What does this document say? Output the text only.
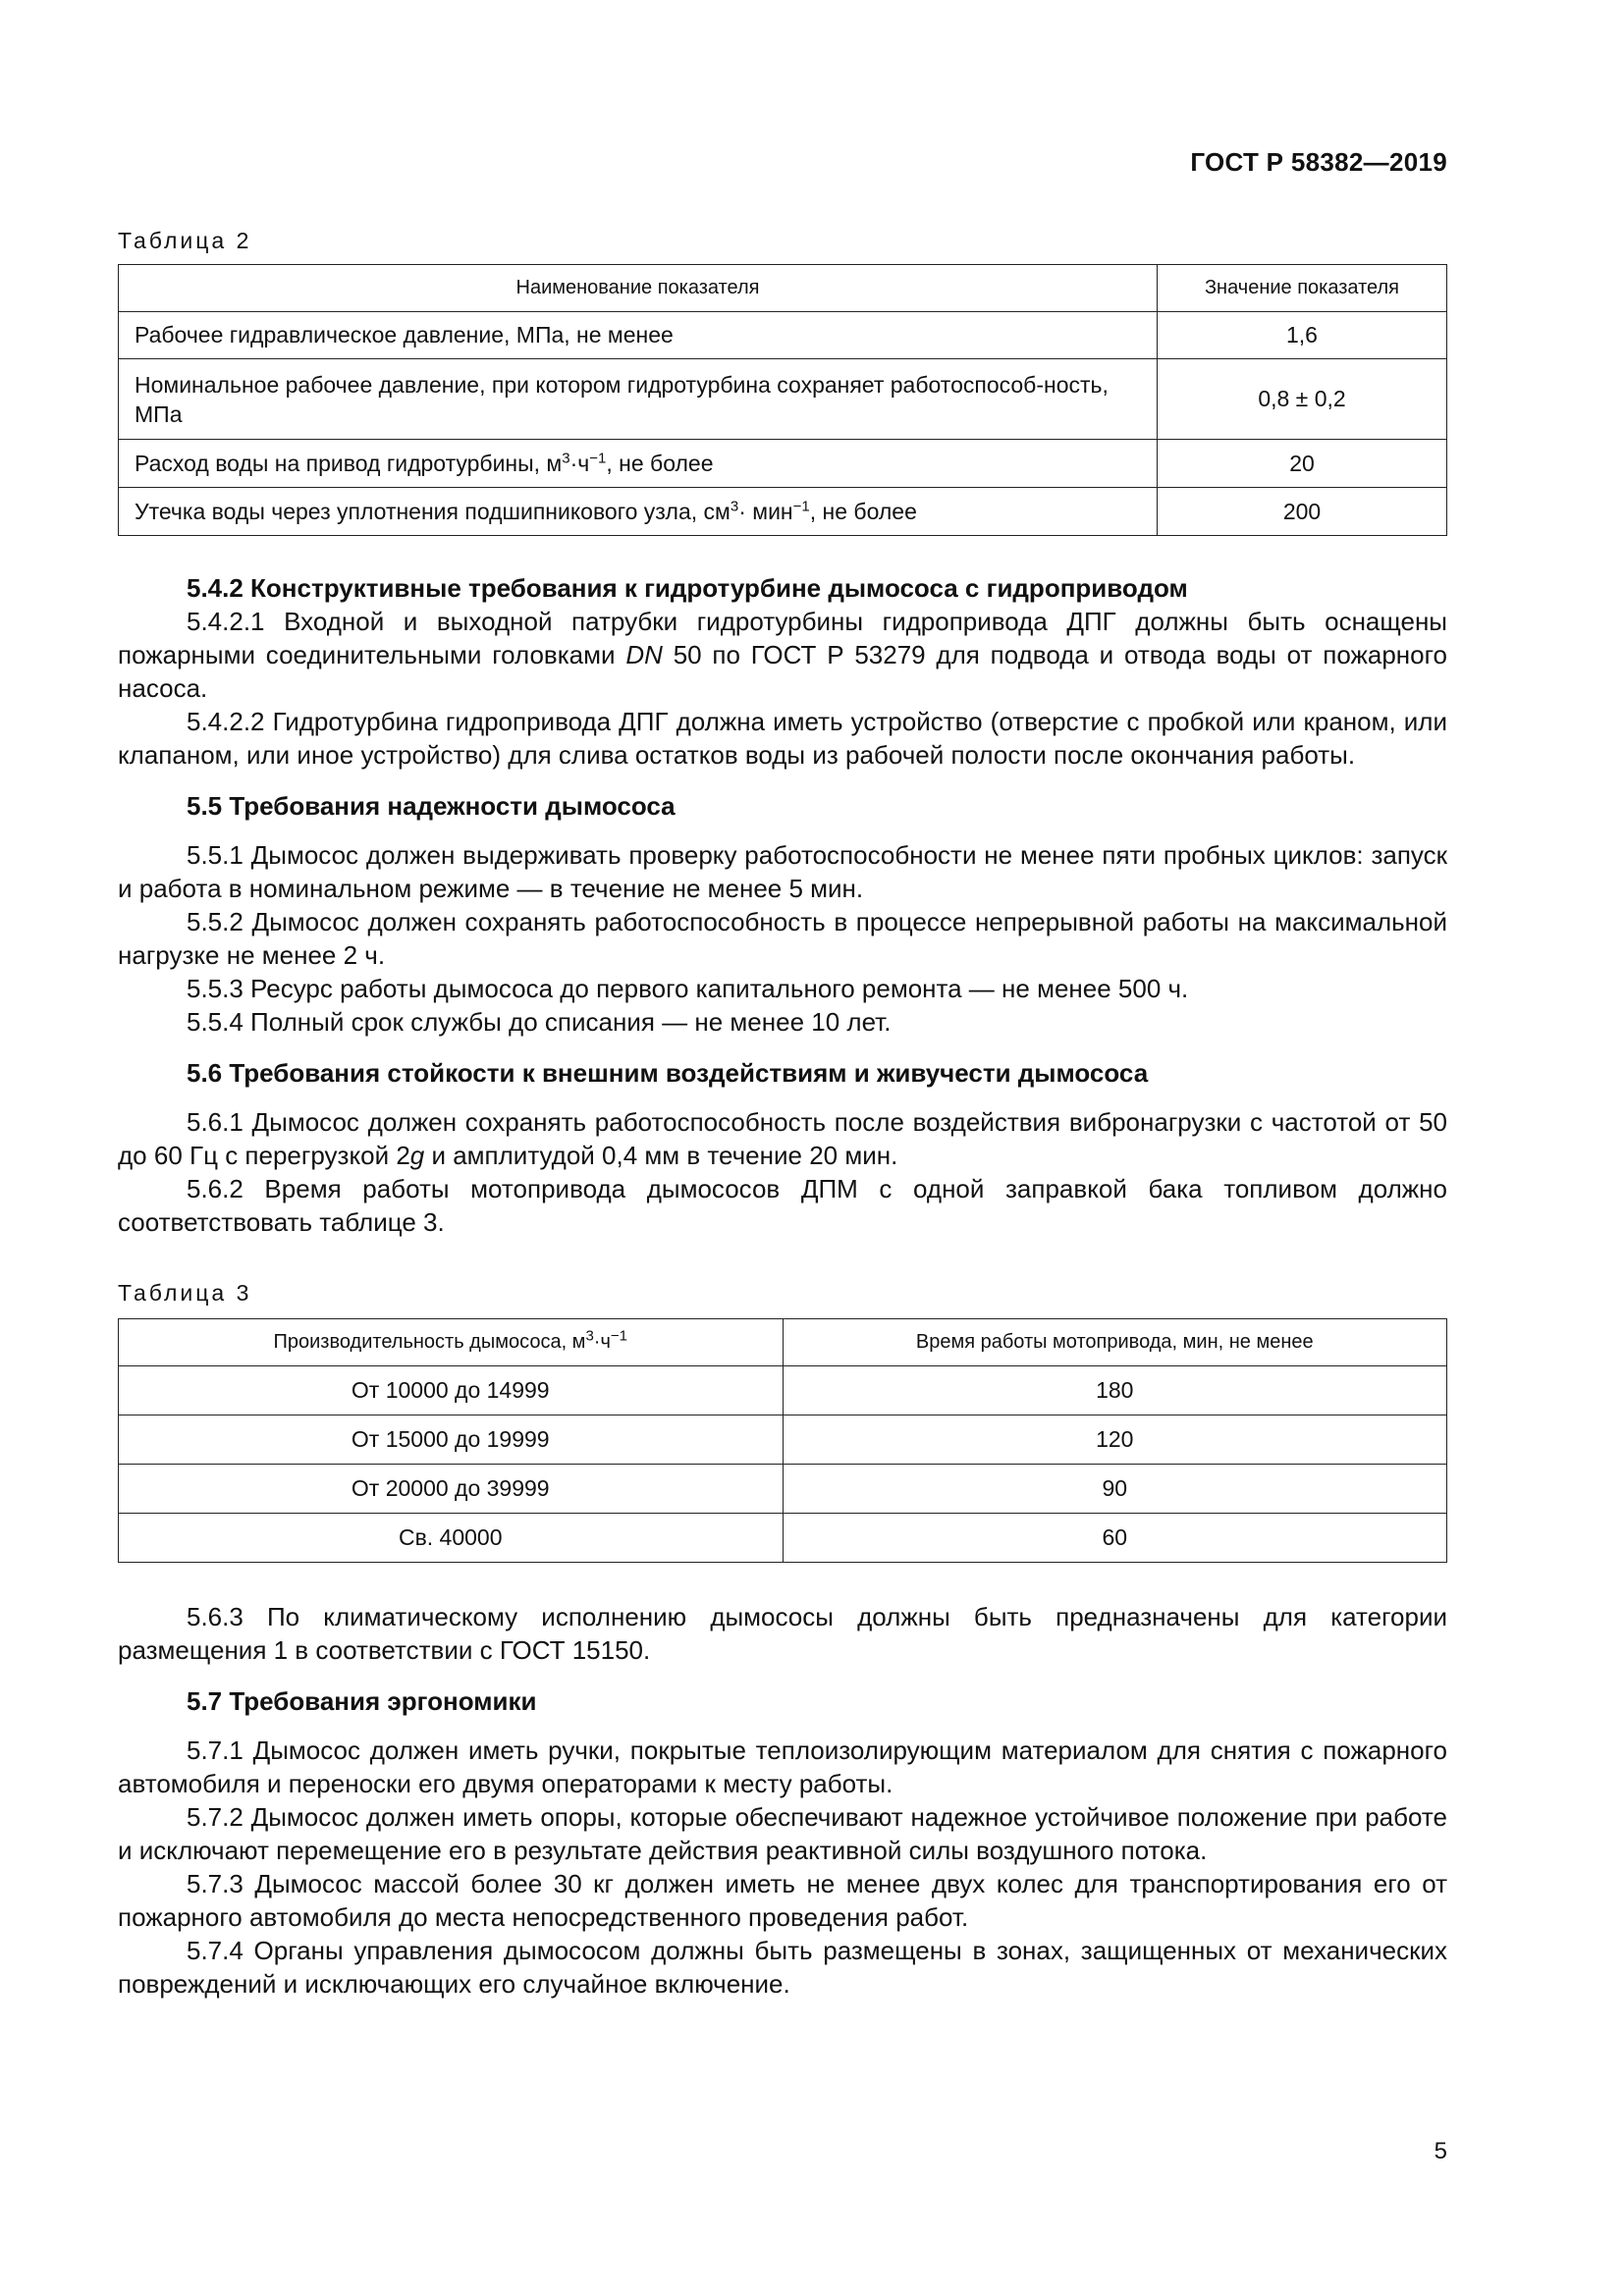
ГОСТ Р 58382—2019
Таблица 2
Наименование показателя	Значение показателя
Рабочее гидравлическое давление, МПа, не менее	1,6
Номинальное рабочее давление, при котором гидротурбина сохраняет работоспособ-ность, МПа	0,8 ± 0,2
Расход воды на привод гидротурбины, $м^3\cdot ч^{-1}$, не более	20
Утечка воды через уплотнения подшипникового узла, $см^3\cdot мин^{-1}$, не более	200
5.4.2 Конструктивные требования к гидротурбине дымососа с гидроприводом

5.4.2.1 Входной и выходной патрубки гидротурбины гидропривода ДПГ должны быть оснащены пожарными соединительными головками DN 50 по ГОСТ Р 53279 для подвода и отвода воды от пожарного насоса.

5.4.2.2 Гидротурбина гидропривода ДПГ должна иметь устройство (отверстие с пробкой или краном, или клапаном, или иное устройство) для слива остатков воды из рабочей полости после окончания работы.

5.5 Требования надежности дымососа

5.5.1 Дымосос должен выдерживать проверку работоспособности не менее пяти пробных циклов: запуск и работа в номинальном режиме — в течение не менее 5 мин.

5.5.2 Дымосос должен сохранять работоспособность в процессе непрерывной работы на максимальной нагрузке не менее 2 ч.

5.5.3 Ресурс работы дымососа до первого капитального ремонта — не менее 500 ч.

5.5.4 Полный срок службы до списания — не менее 10 лет.

5.6 Требования стойкости к внешним воздействиям и живучести дымососа

5.6.1 Дымосос должен сохранять работоспособность после воздействия вибронагрузки с частотой от 50 до 60 Гц с перегрузкой 2g и амплитудой 0,4 мм в течение 20 мин.

5.6.2 Время работы мотопривода дымососов ДПМ с одной заправкой бака топливом должно соответствовать таблице 3.

Таблица 3
Производительность дымососа, $м^3\cdot ч^{-1}$	Время работы мотопривода, мин, не менее
От 10000 до 14999	180
От 15000 до 19999	120
От 20000 до 39999	90
Св. 40000	60

5.6.3 По климатическому исполнению дымососы должны быть предназначены для категории размещения 1 в соответствии с ГОСТ 15150.

5.7 Требования эргономики

5.7.1 Дымосос должен иметь ручки, покрытые теплоизолирующим материалом для снятия с пожарного автомобиля и переноски его двумя операторами к месту работы.

5.7.2 Дымосос должен иметь опоры, которые обеспечивают надежное устойчивое положение при работе и исключают перемещение его в результате действия реактивной силы воздушного потока.

5.7.3 Дымосос массой более 30 кг должен иметь не менее двух колес для транспортирования его от пожарного автомобиля до места непосредственного проведения работ.

5.7.4 Органы управления дымососом должны быть размещены в зонах, защищенных от механических повреждений и исключающих его случайное включение.

5
